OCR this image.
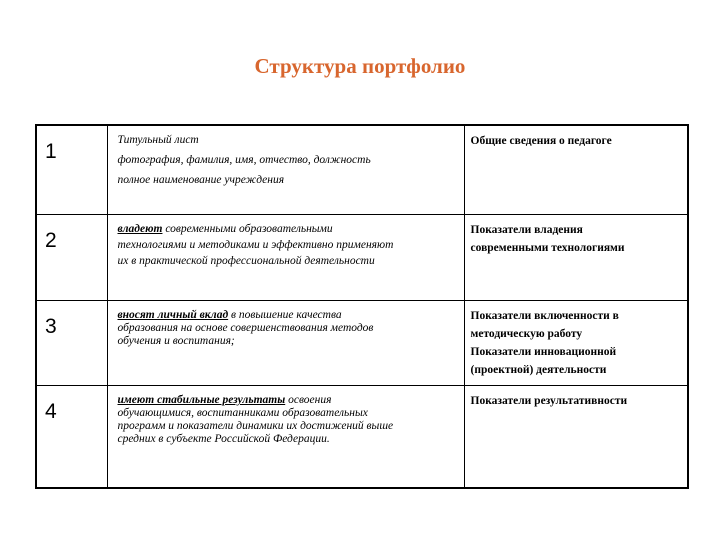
Структура портфолио
1	Титульный лист
фотография, фамилия, имя, отчество, должность
полное наименование учреждения	Общие сведения о педагоге

2	владеют современными образовательными
технологиями и методиками и эффективно применяют
их в практической профессиональной деятельности	Показатели владения
современными технологиями

3	вносят личный вклад в повышение качества
образования на основе совершенствования методов
обучения и воспитания;	Показатели включенности в
методическую работу
Показатели инновационной
(проектной) деятельности

4	имеют стабильные результаты освоения
обучающимися, воспитанниками образовательных
программ и показатели динамики их достижений выше
средних в субъекте Российской Федерации.	Показатели результативности
